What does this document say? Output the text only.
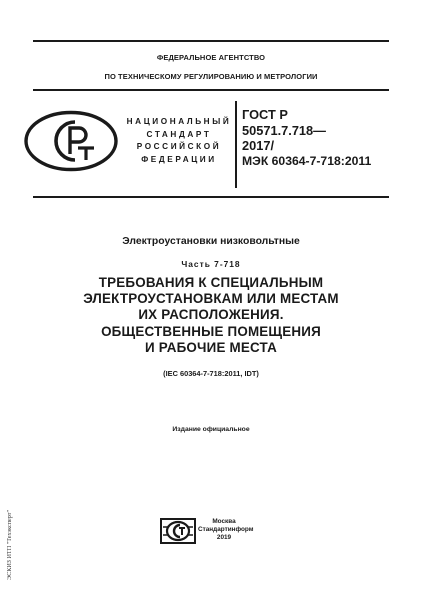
ФЕДЕРАЛЬНОЕ АГЕНТСТВО
ПО ТЕХНИЧЕСКОМУ РЕГУЛИРОВАНИЮ И МЕТРОЛОГИИ
НАЦИОНАЛЬНЫЙ
СТАНДАРТ
РОССИЙСКОЙ
ФЕДЕРАЦИИ
ГОСТ Р
50571.7.718—
2017/
МЭК 60364-7-718:2011
Электроустановки низковольтные
Часть 7-718
ТРЕБОВАНИЯ К СПЕЦИАЛЬНЫМ
ЭЛЕКТРОУСТАНОВКАМ ИЛИ МЕСТАМ
ИХ РАСПОЛОЖЕНИЯ.
ОБЩЕСТВЕННЫЕ ПОМЕЩЕНИЯ
И РАБОЧИЕ МЕСТА
(IEC 60364-7-718:2011, IDT)
Издание официальное
Москва
Стандартинформ
2019
ЭСКИЗ ИТП "Техэксперт"
